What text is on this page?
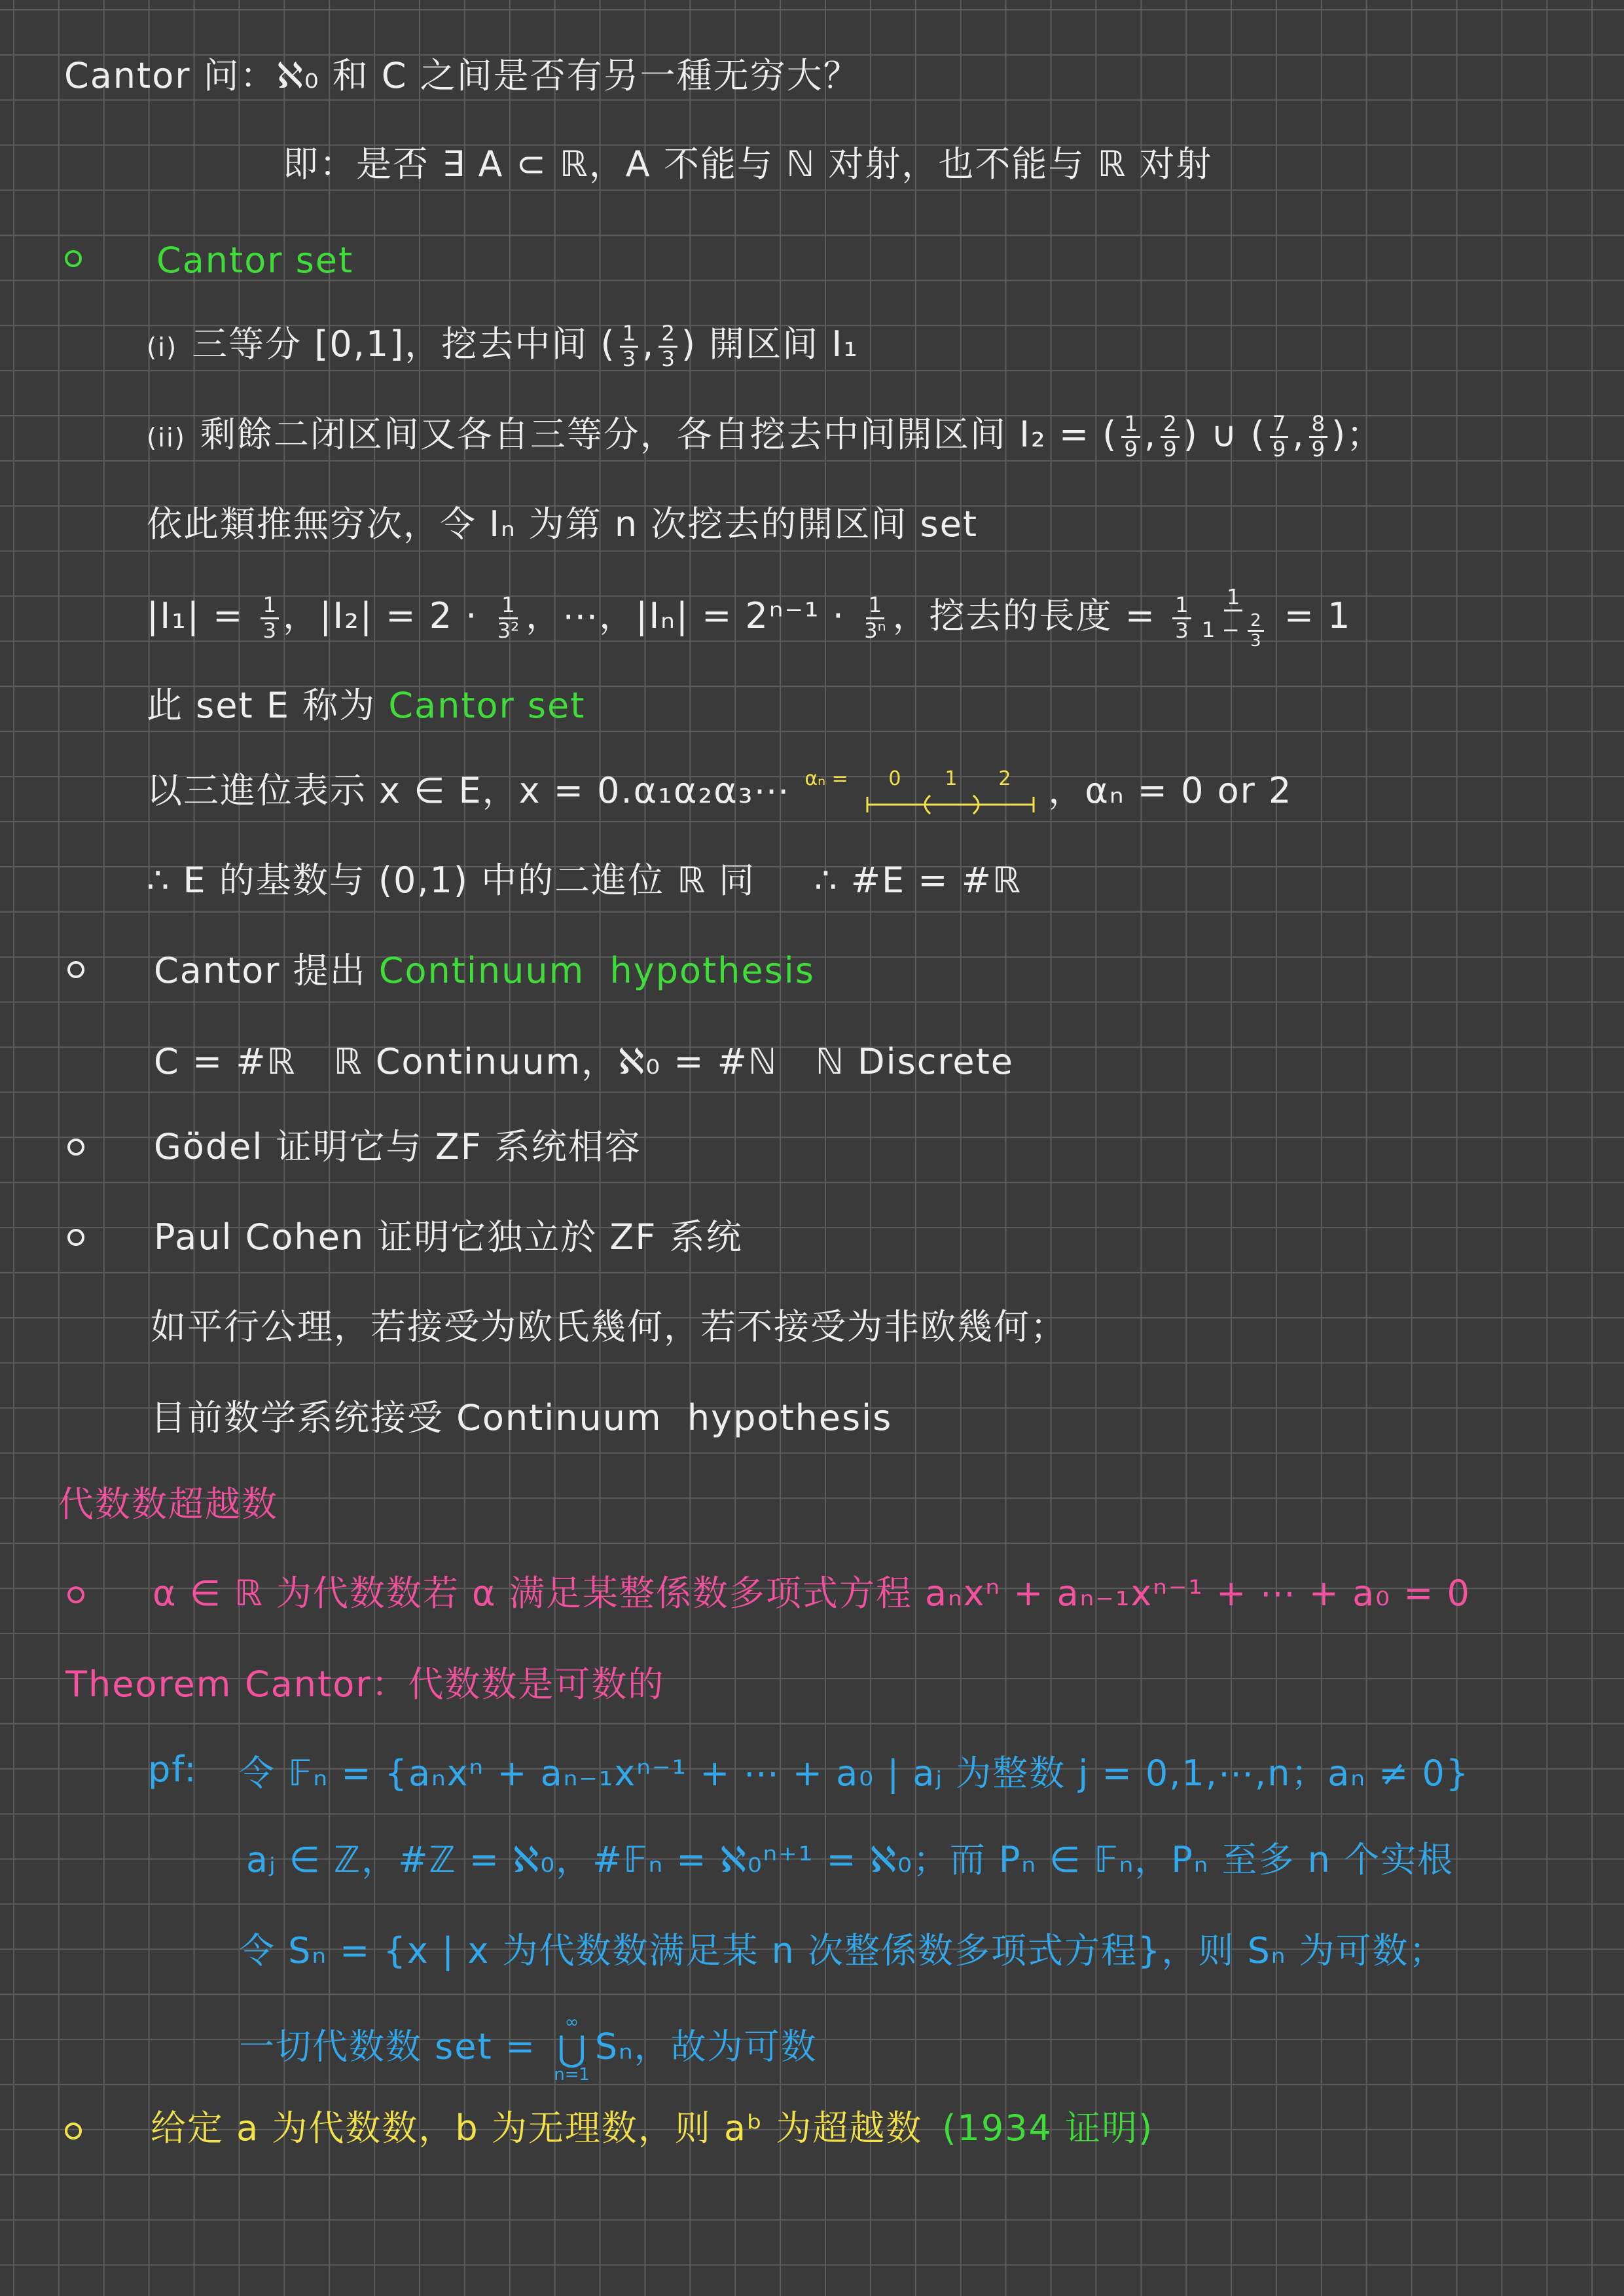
Cantor 问：ℵ₀ 和 C 之间是否有另一種无穷大？
即：是否 ∃ A ⊂ ℝ，A 不能与 ℕ 对射，也不能与 ℝ 对射
Cantor set
(i) 三等分 [0,1]，挖去中间 ( $\frac{1}{3}$ , $\frac{2}{3}$ ) 開区间 I₁
(ii) 剩餘二闭区间又各自三等分，各自挖去中间開区间 I₂ = ( $\frac{1}{9}$ , $\frac{2}{9}$ ) ∪ ( $\frac{7}{9}$ , $\frac{8}{9}$ )；
依此類推無穷次，令 Iₙ 为第 n 次挖去的開区间 set
$|I_1| = \frac{1}{3}$ ，$|I_2| = 2 \cdot \frac{1}{\text{3²}}$ ，⋯，$|I_n| = 2^{n-1} \cdot \frac{1}{\text{3ⁿ}}$ ，挖去的長度 = $\frac{1}{3} \frac{1}{1 - \frac{2}{3}} = 1$
此 set E 称为 Cantor set
以三進位表示 x ∈ E，x = 0.α₁α₂α₃⋯ αₙ = 0 1 2 ，αₙ = 0 or 2
∴ E 的基数与 (0,1) 中的二進位 ℝ 同 ∴ #E = #ℝ
Cantor 提出 Continuum  hypothesis
C = #ℝ   ℝ Continuum，ℵ₀ = #ℕ   ℕ Discrete
Gödel 证明它与 ZF 系统相容
Paul Cohen 证明它独立於 ZF 系统
如平行公理，若接受为欧氏幾何，若不接受为非欧幾何；
目前数学系统接受 Continuum  hypothesis
代数数超越数
α ∈ ℝ 为代数数若 α 满足某整係数多项式方程 aₙxⁿ + aₙ₋₁xⁿ⁻¹ + ⋯ + a₀ = 0
Theorem Cantor：代数数是可数的
pf: 令 𝔽ₙ = {aₙxⁿ + aₙ₋₁xⁿ⁻¹ + ⋯ + a₀ | aⱼ 为整数 j = 0,1,⋯,n；aₙ ≠ 0}
aⱼ ∈ ℤ，#ℤ = ℵ₀，#𝔽ₙ = ℵ₀ⁿ⁺¹ = ℵ₀；而 Pₙ ∈ 𝔽ₙ，Pₙ 至多 n 个实根
令 Sₙ = {x | x 为代数数满足某 n 次整係数多项式方程}，则 Sₙ 为可数；
一切代数数 set =
∞
⋃
n=1
Sₙ，故为可数
给定 a 为代数数，b 为无理数，则 aᵇ 为超越数 (1934 证明)
